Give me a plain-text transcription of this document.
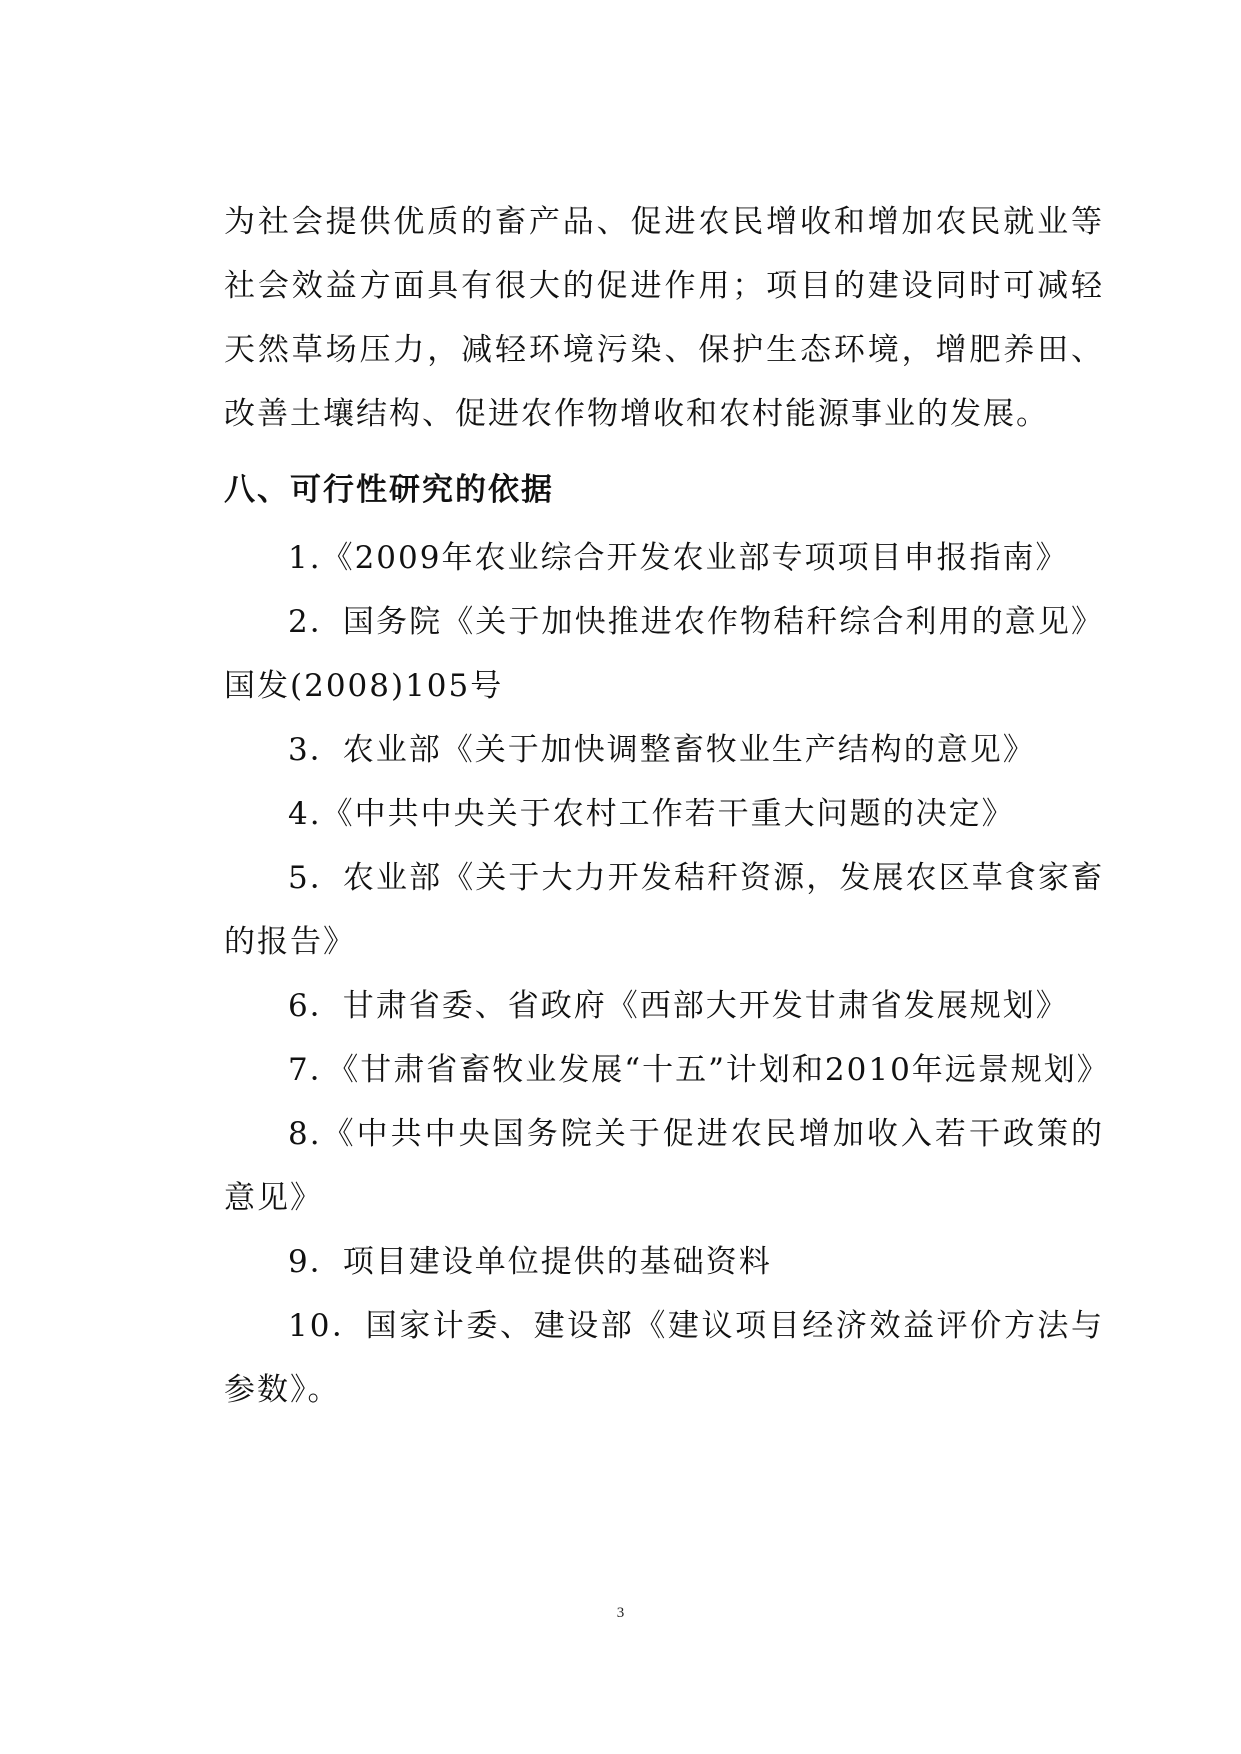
为社会提供优质的畜产品、促进农民增收和增加农民就业等社会效益方面具有很大的促进作用；项目的建设同时可减轻天然草场压力，减轻环境污染、保护生态环境，增肥养田、改善土壤结构、促进农作物增收和农村能源事业的发展。

八、可行性研究的依据

1.《2009年农业综合开发农业部专项项目申报指南》

2．国务院《关于加快推进农作物秸秆综合利用的意见》国发(2008)105号

3．农业部《关于加快调整畜牧业生产结构的意见》

4.《中共中央关于农村工作若干重大问题的决定》

5．农业部《关于大力开发秸秆资源，发展农区草食家畜的报告》

6．甘肃省委、省政府《西部大开发甘肃省发展规划》

7．《甘肃省畜牧业发展“十五”计划和2010年远景规划》

8.《中共中央国务院关于促进农民增加收入若干政策的意见》

9．项目建设单位提供的基础资料

10．国家计委、建设部《建议项目经济效益评价方法与参数》。

3
